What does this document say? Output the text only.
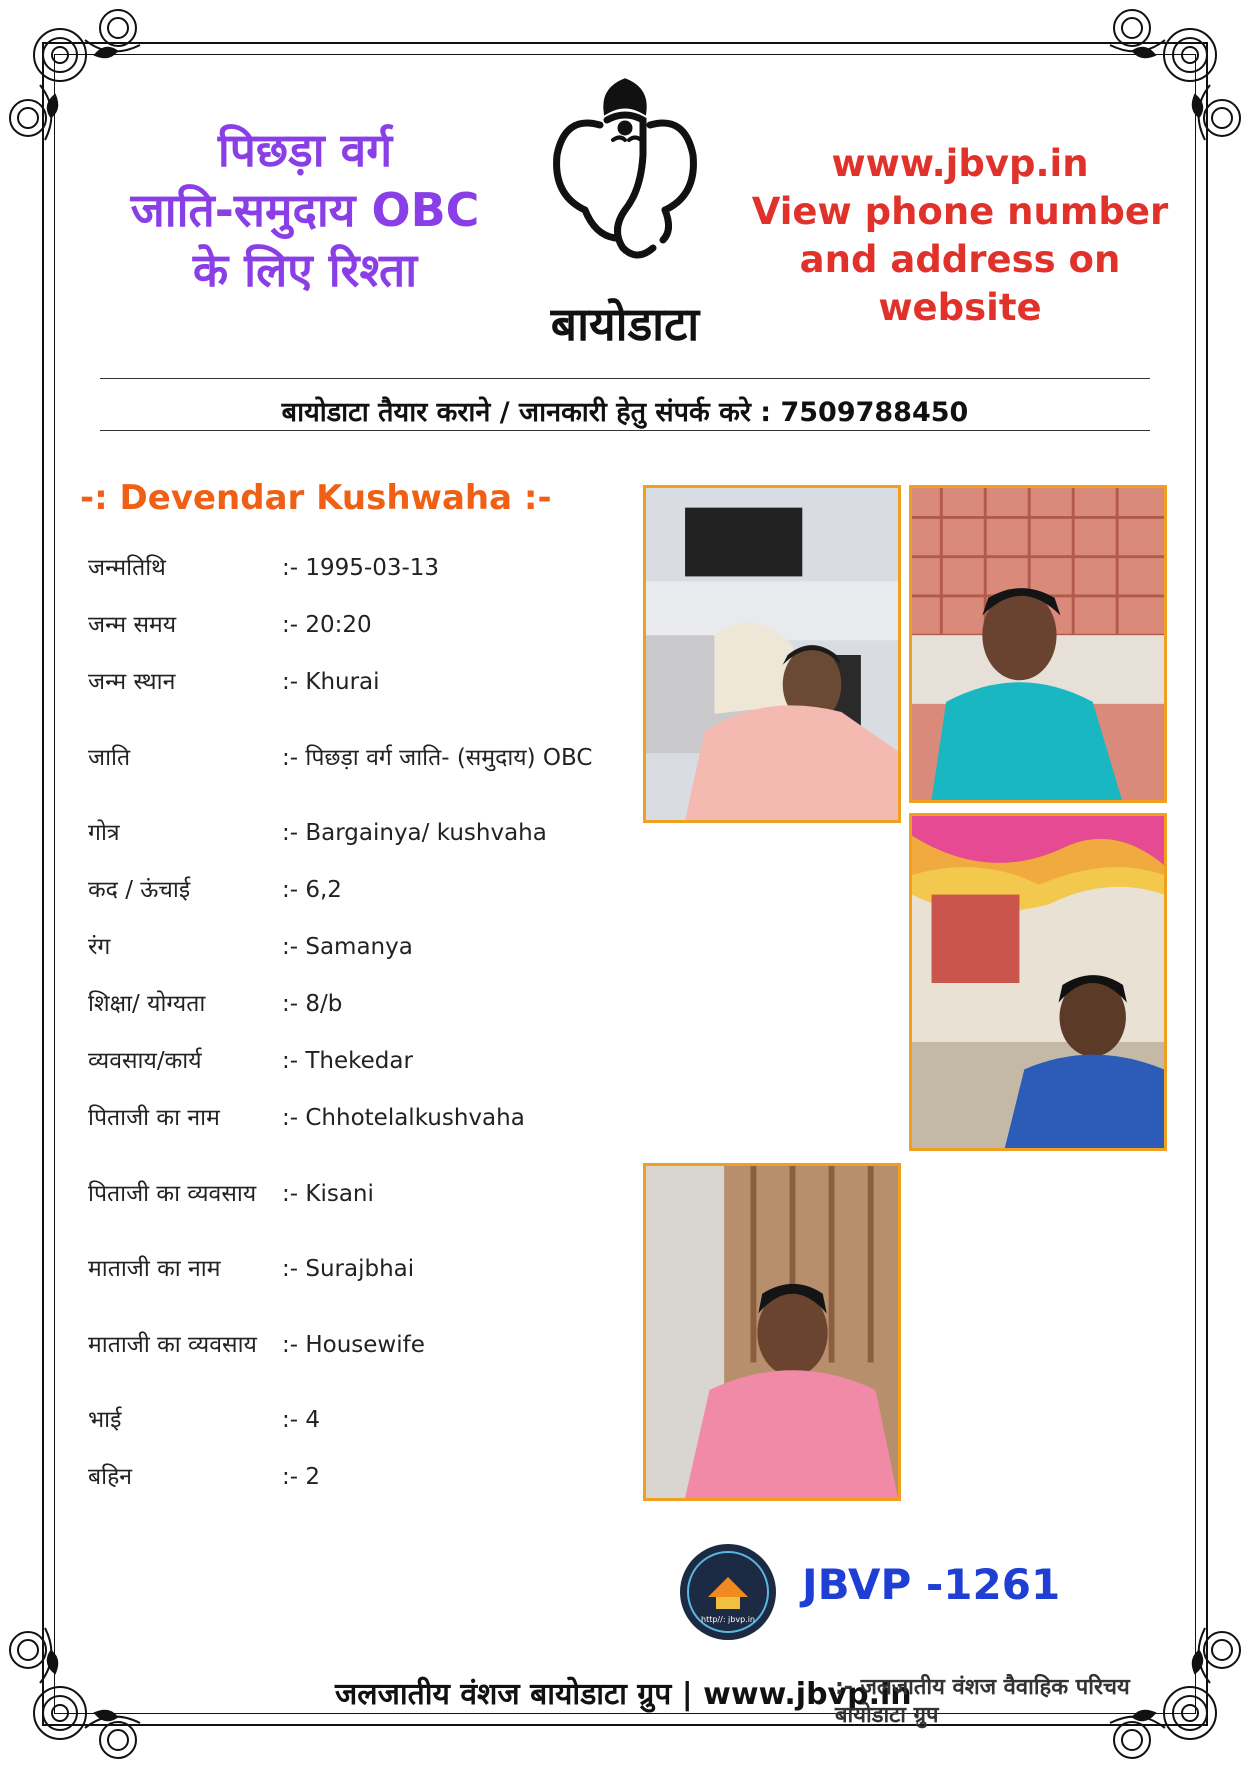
पिछड़ा वर्ग
जाति-समुदाय OBC
के लिए रिश्ता
www.jbvp.in
View phone number
and address on website
बायोडाटा
बायोडाटा तैयार कराने / जानकारी हेतु संपर्क करे : 7509788450
-: Devendar Kushwaha :-
जन्मतिथि	:- 1995-03-13
जन्म समय	:- 20:20
जन्म स्थान	:- Khurai
जाति	:- पिछड़ा वर्ग जाति- (समुदाय) OBC
गोत्र	:- Bargainya/ kushvaha
कद / ऊंचाई	:- 6,2
रंग	:- Samanya
शिक्षा/ योग्यता	:- 8/b
व्यवसाय/कार्य	:- Thekedar
पिताजी का नाम	:- Chhotelalkushvaha
पिताजी का व्यवसाय	:- Kisani
माताजी का नाम	:- Surajbhai
माताजी का व्यवसाय	:- Housewife
भाई	:- 4
बहिन	:- 2
http//: jbvp.in
JBVP -1261
जलजातीय वंशज बायोडाटा ग्रुप | www.jbvp.in
:- जलजातीय वंशज वैवाहिक परिचय बायोडाटा ग्रुप
